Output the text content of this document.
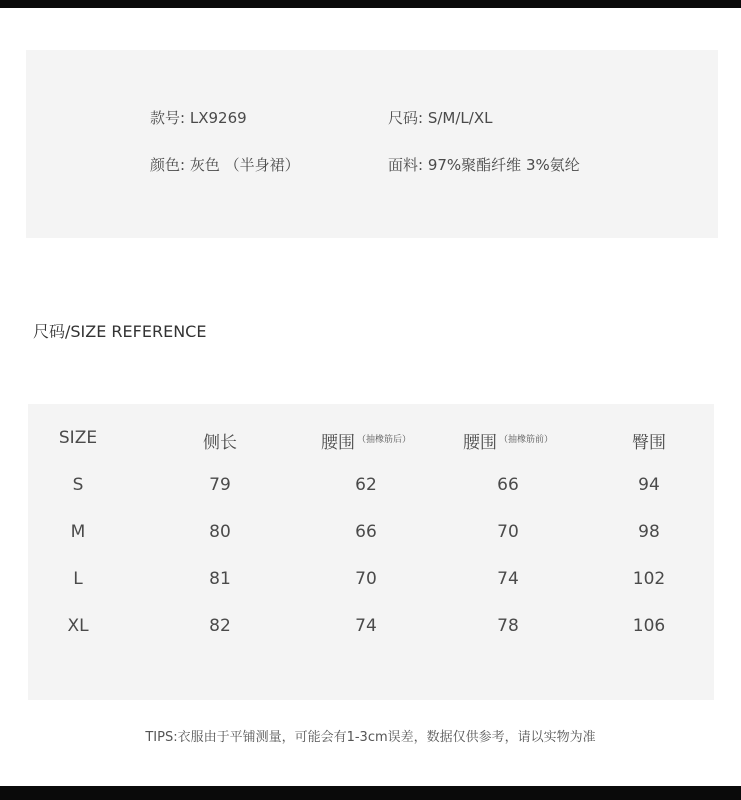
款号: LX9269	尺码: S/M/L/XL
颜色: 灰色 （半身裙）	面料: 97%聚酯纤维 3%氨纶
尺码/SIZE REFERENCE
SIZE	侧长	腰围 $^{(抽橡筋后)}$	腰围 $^{(抽橡筋前)}$	臀围
S	79	62	66	94
M	80	66	70	98
L	81	70	74	102
XL	82	74	78	106
TIPS:衣服由于平铺测量，可能会有1-3cm误差，数据仅供参考，请以实物为准
